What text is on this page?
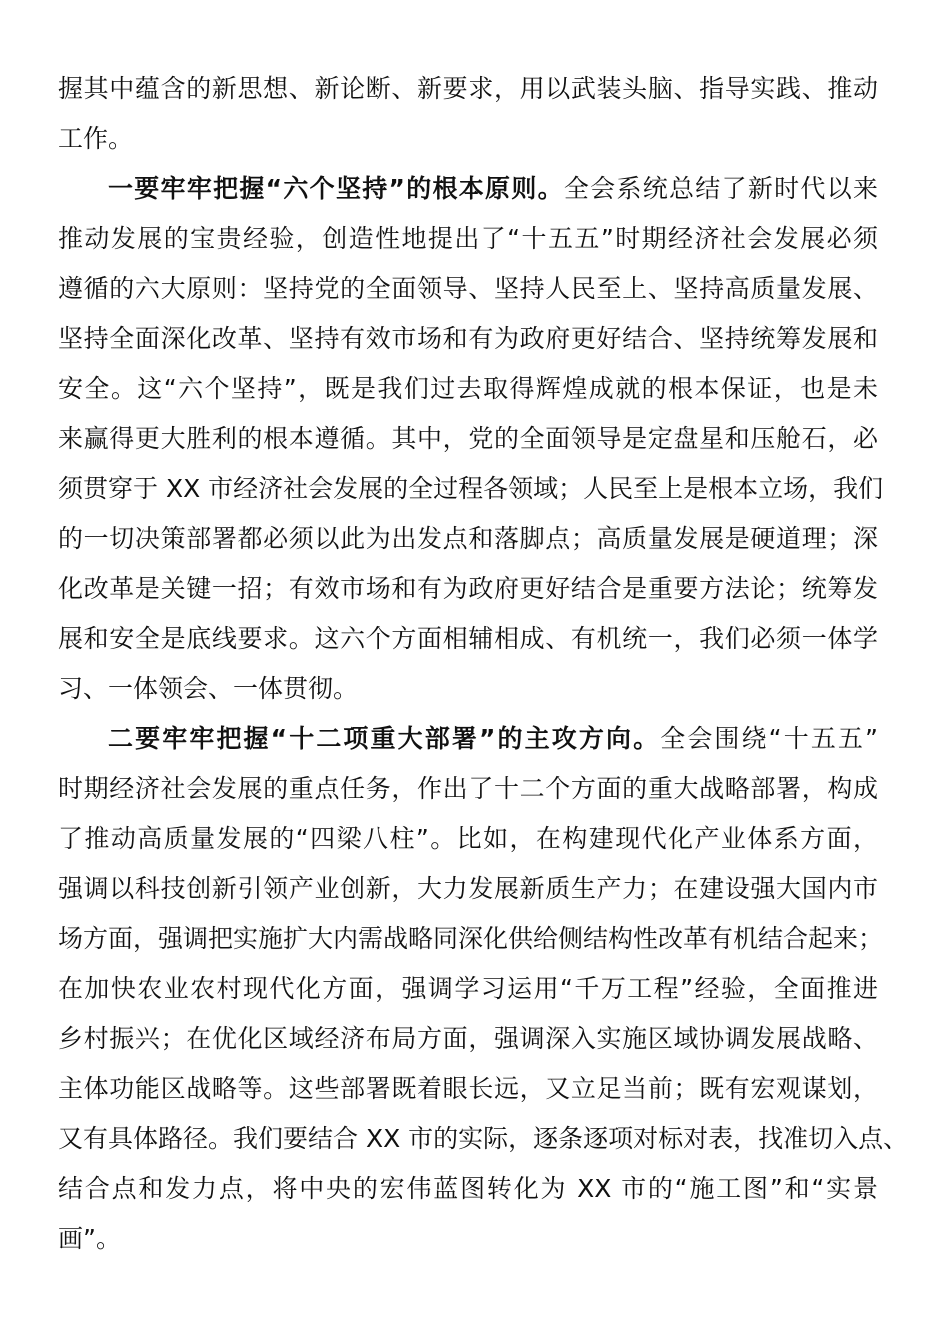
握其中蕴含的新思想、新论断、新要求，用以武装头脑、指导实践、推动
工作。
一要牢牢把握“六个坚持”的根本原则。全会系统总结了新时代以来
推动发展的宝贵经验，创造性地提出了“十五五”时期经济社会发展必须
遵循的六大原则：坚持党的全面领导、坚持人民至上、坚持高质量发展、
坚持全面深化改革、坚持有效市场和有为政府更好结合、坚持统筹发展和
安全。这“六个坚持”，既是我们过去取得辉煌成就的根本保证，也是未
来赢得更大胜利的根本遵循。其中，党的全面领导是定盘星和压舱石，必
须贯穿于 XX 市经济社会发展的全过程各领域；人民至上是根本立场，我们
的一切决策部署都必须以此为出发点和落脚点；高质量发展是硬道理；深
化改革是关键一招；有效市场和有为政府更好结合是重要方法论；统筹发
展和安全是底线要求。这六个方面相辅相成、有机统一，我们必须一体学
习、一体领会、一体贯彻。
二要牢牢把握“十二项重大部署”的主攻方向。全会围绕“十五五”
时期经济社会发展的重点任务，作出了十二个方面的重大战略部署，构成
了推动高质量发展的“四梁八柱”。比如，在构建现代化产业体系方面，
强调以科技创新引领产业创新，大力发展新质生产力；在建设强大国内市
场方面，强调把实施扩大内需战略同深化供给侧结构性改革有机结合起来；
在加快农业农村现代化方面，强调学习运用“千万工程”经验，全面推进
乡村振兴；在优化区域经济布局方面，强调深入实施区域协调发展战略、
主体功能区战略等。这些部署既着眼长远，又立足当前；既有宏观谋划，
又有具体路径。我们要结合 XX 市的实际，逐条逐项对标对表，找准切入点、
结合点和发力点，将中央的宏伟蓝图转化为 XX 市的“施工图”和“实景
画”。
